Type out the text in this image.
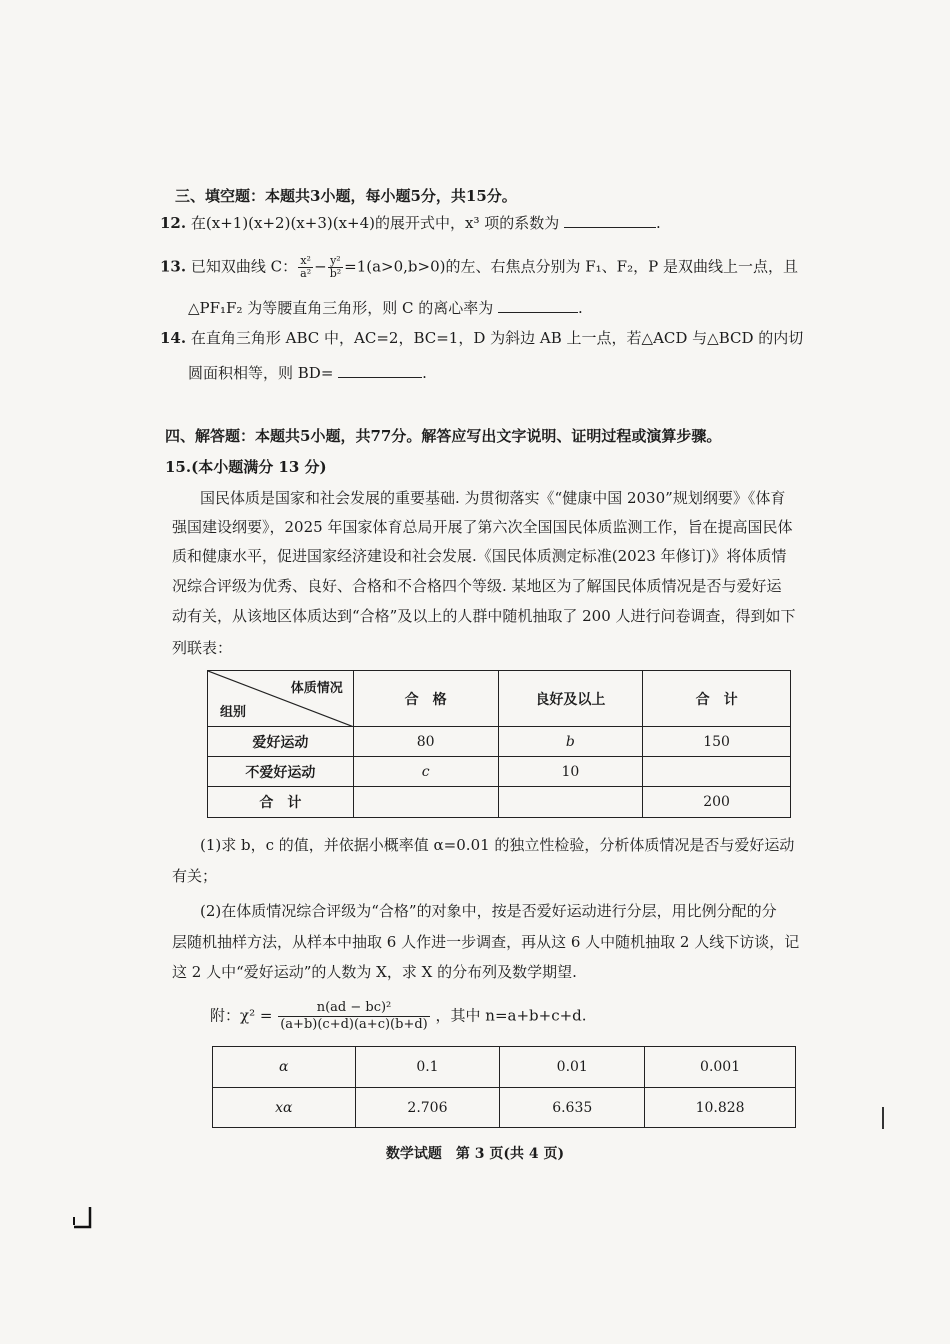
三、填空题：本题共3小题，每小题5分，共15分。
12. 在(x+1)(x+2)(x+3)(x+4)的展开式中，x³ 项的系数为	.
13. 已知双曲线 C： $\frac{\text{x²}}{\text{a²}} - \frac{\text{y²}}{\text{b²}} =1(a>0,b>0)$的左、右焦点分别为 F₁、F₂，P 是双曲线上一点，且
△PF₁F₂ 为等腰直角三角形，则 C 的离心率为	.
14. 在直角三角形 ABC 中，AC=2，BC=1，D 为斜边 AB 上一点，若△ACD 与△BCD 的内切
圆面积相等，则 BD=	.
四、解答题：本题共5小题，共77分。解答应写出文字说明、证明过程或演算步骤。
15.(本小题满分 13 分)
国民体质是国家和社会发展的重要基础. 为贯彻落实《“健康中国 2030”规划纲要》《体育
强国建设纲要》，2025 年国家体育总局开展了第六次全国国民体质监测工作，旨在提高国民体
质和健康水平，促进国家经济建设和社会发展.《国民体质测定标准(2023 年修订)》将体质情
况综合评级为优秀、良好、合格和不合格四个等级. 某地区为了解国民体质情况是否与爱好运
动有关，从该地区体质达到“合格”及以上的人群中随机抽取了 200 人进行问卷调查，得到如下
列联表：
体质情况
组别	合　格	良好及以上	合　计
爱好运动	80	b	150
不爱好运动	c	10	
合　计			200
(1)求 b，c 的值，并依据小概率值 α=0.01 的独立性检验，分析体质情况是否与爱好运动
有关；
(2)在体质情况综合评级为“合格”的对象中，按是否爱好运动进行分层，用比例分配的分
层随机抽样方法，从样本中抽取 6 人作进一步调查，再从这 6 人中随机抽取 2 人线下访谈，记
这 2 人中“爱好运动”的人数为 X，求 X 的分布列及数学期望.
附：$\chi^2 = \frac{\text{n(ad − bc)²}}{(a+b)(c+d)(a+c)(b+d)}$ ，其中 n=a+b+c+d.
α	0.1	0.01	0.001
xα	2.706	6.635	10.828
数学试题　第 3 页(共 4 页)
